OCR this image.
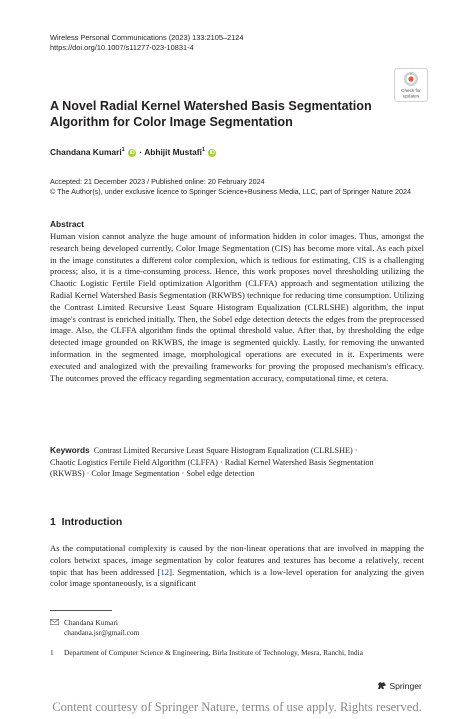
Wireless Personal Communications (2023) 133:2105–2124
https://doi.org/10.1007/s11277-023-10831-4
Check for
updates
A Novel Radial Kernel Watershed Basis Segmentation
Algorithm for Color Image Segmentation
Chandana Kumari$^1$ iD · Abhijit Mustafi$^1$ iD
Accepted: 21 December 2023 / Published online: 20 February 2024
© The Author(s), under exclusive licence to Springer Science+Business Media, LLC, part of Springer Nature 2024
Abstract
Human vision cannot analyze the huge amount of information hidden in color images. Thus, amongst the research being developed currently, Color Image Segmentation (CIS) has become more vital. As each pixel in the image constitutes a different color complexion, which is tedious for estimating, CIS is a challenging process; also, it is a time-consuming process. Hence, this work proposes novel thresholding utilizing the Chaotic Logistic Fertile Field optimization Algorithm (CLFFA) approach and segmentation utilizing the Radial Kernel Watershed Basis Segmentation (RKWBS) technique for reducing time consumption. Utilizing the Contrast Limited Recursive Least Square Histogram Equalization (CLRLSHE) algorithm, the input image's contrast is enriched initially. Then, the Sobel edge detection detects the edges from the preprocessed image. Also, the CLFFA algorithm finds the optimal threshold value. After that, by thresholding the edge detected image grounded on RKWBS, the image is segmented quickly. Lastly, for removing the unwanted information in the segmented image, morphological operations are executed in it. Experiments were executed and analogized with the prevailing frameworks for proving the proposed mechanism's efficacy. The outcomes proved the efficacy regarding segmentation accuracy, computational time, et cetera.
Keywords Contrast Limited Recursive Least Square Histogram Equalization (CLRLSHE) · Chaotic Logistics Fertile Field Algorithm (CLFFA) · Radial Kernel Watershed Basis Segmentation (RKWBS) · Color Image Segmentation · Sobel edge detection
1 Introduction
As the computational complexity is caused by the non-linear operations that are involved in mapping the colors betwixt spaces, image segmentation by color features and textures has become a relatively, recent topic that has been addressed [12]. Segmentation, which is a low-level operation for analyzing the given color image spontaneously, is a significant
Chandana Kumari
chandana.jsr@gmail.com
1	Department of Computer Science & Engineering, Birla Institute of Technology, Mesra, Ranchi, India
Springer
Content courtesy of Springer Nature, terms of use apply. Rights reserved.
